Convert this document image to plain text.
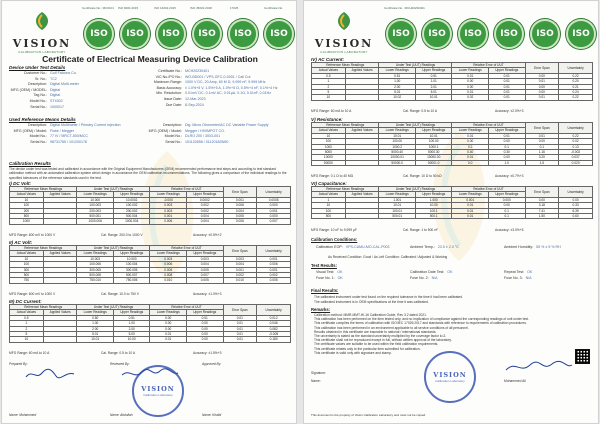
VISION
CALIBRATION LABORATORY
Certificate No.: MC0101
ISO
ISO 9001:2015
ISO
ISO 14001:2015
ISO
ISO 45001:2018
ISO
17025
ISO
Certificate No.
ISO
Certificate of Electrical Measuring Device Calibration
Device Under Test Details
Customer No.: Gulf Falcons Co.
Sr. No.: TC2
Description: Digital Multi-meter
MFG (OEM) / MODEL: Digital
Tag No.: Digital
Model No.: ST4302
Serial No.: 1000017
Certificate No.: MCH20230401
VIC No./PO No.: WO-BD001 / VPS-GFC-0-0001 / Cali Cut
Maximum Range: 1000 V DC, 20 Amp, 60 M Ω, 9,999 nF, 9.999 MHz
Basic Accuracy: ± 1.0%+5 V, 1.5%+5 A, 1.0%+5 Ω, 0.5%+4 nF, 0.1%+4 Hz
Min. Resolution: 0.01mV DC, 0.1mV AC, 0.01μA, 0.1Ω, 0.01nF, 0.01Hz
Issue Date: 12-Mar-2023
Due Date: 8-Sep-2024
Used Reference Means Details
Description: Digital Multimeter / Primary Current Injection
MFG (OEM) / Model: Fluke / Megger
Model No.: 77 IV / MRCT-500/MCC
Serial No.: 98731765 / 101200176
Description: Dig. Micro Ohmmeter/AC DC Variable Power Supply
MFG (OEM) / Model: Megger / HIVIMPOT CO.
Model No.: DLRO 200 / 3003-001
Serial No.: 101120558 / 011201825/60
Calibration Results
The device under test was tested and calibrated in accordance with the Original Equipment Manufacturers (OEM) recommended performance test steps and according to test standard calibration method with an automated calibration system which design in accordance the OEM calibration recommendations. The following gives a comparison of the individual readings to the specified tolerances of the reference standards used in the test.
I) DC Volt:
Reference Mean Readings		Under Test (UUT) Readings		Relative Error of UUT		Error Span	Uncertainty
Actual Values	Applied Values	Lower Readings	Upper Readings	Lower Readings	Upper Readings		
10		10.000	10.0002	-0.000	0.0002	0.001	0.0005
100		100.003	100.002	0.003	0.002	0.006	0.000
200		200.003	200.002	0.003	0.002	0.004	0.001
500		500.001	500.004	0.001	0.004	0.005	0.000
1000		1000.006	1000.004	0.006	0.004	0.006	0.007
MFG Range: 600 mV to 1000 V	Cal. Range: 200.0 to 1000 V	Accuracy: ±0.5%+2
II) AC Volt:
Reference Mean Readings		Under Test (UUT) Readings		Relative Error of UUT		Error Span	Uncertainty
Actual Values	Applied Values	Lower Readings	Upper Readings	Lower Readings	Upper Readings		
10		10.003	10.003	0.003	0.003	0.003	0.001
100		100.006	100.004	0.006	0.004	0.004	0.006
300		300.005	300.005	0.005	0.005	0.001	0.001
500		500.008	500.007	0.008	0.007	0.002	0.002
750		750.010	750.005	0.010	0.005	0.010	0.005
MFG Range: 600 mV to 1000 V	Cal. Range: 10.0 to 750 V	Accuracy: ±1.0%+3
III) DC Current:
Reference Mean Readings		Under Test (UUT) Readings		Relative Error of UUT		Error Span	Uncertainty
Actual Values	Applied Values	Lower Readings	Upper Readings	Lower Readings	Upper Readings		
0.5		0.50	0.51	0.00	0.01	0.01	0.012
1		1.00	1.00	0.00	0.00	0.01	0.046
2		2.00	2.00	0.00	0.00	0.01	0.082
5		5.01	5.00	0.01	0.00	0.01	-0.005
10		10.01	10.00	0.01	0.00	0.01	0.180
MFG Range: 60 mA to 10 A	Cal. Range: 0.5 to 10 A	Accuracy: ±1.5%+3
Prepared By:	Reviewed By:	Approved By:
VISION
Calibration Laboratory
Name: Mohammed	Name: Abdullah	Name: Khalid
VISION
CALIBRATION LABORATORY
Certificate No.: MCH20230401
ISO ISO ISO ISO ISO ISO
IV) AC Current:
Reference Mean Readings		Under Test (UUT) Readings		Relative Error of UUT		Error Span	Uncertainty
Actual Values	Applied Values	Lower Readings	Upper Readings	Lower Readings	Upper Readings		
0.5		0.51	0.51	0.01	0.01	0.00	0.22
1		1.00	1.01	0.00	0.01	0.01	0.20
2		2.00	2.01	0.00	0.01	0.00	0.21
5		5.01	5.01	0.01	0.01	0.00	0.24
10		10.02	10.01	0.02	0.01	0.01	0.22
MFG Range: 60 mA to 10 A	Cal. Range: 0.5 to 10 A	Accuracy: ±2.0%+3
V) Resistance:
Reference Mean Readings		Under Test (UUT) Readings		Relative Error of UUT		Error Span	Uncertainty
Actual Values	Applied Values	Lower Readings	Upper Readings	Lower Readings	Upper Readings		
10		10.01	10.01	0.01	0.01	0.01	0.22
100		100.00	100.00	0.00	0.00	0.00	0.02
1000		1000.2	1000.1	0.2	0.1	0.1	0.13
5000		5000.40	5000.30	0.40	0.30	1.16	-0.002
10000		10000.01	10000.00	0.01	0.00	3.20	0.037
50000		50000.0	50001.0	0.0	1.0	1.5	0.020
MFG Range: 0.1 Ω to 40 MΩ	Cal. Range: 10 Ω to 50 kΩ	Accuracy: ±0.7%+3
VI) Capacitance:
Reference Mean Readings		Under Test (UUT) Readings		Relative Error of UUT		Error Span	Uncertainty
Actual Values	Applied Values	Lower Readings	Upper Readings	Lower Readings	Upper Readings		
1		1.001	1.000	0.001	0.000	0.00	0.00
10		10.01	10.00	0.01	0.00	3.18	0.33
100		100.01	100.1	0.01	0.1	7.41	6.39
500		500.01	500.1	0.01	0.1	1.50	0.60
MFG Range: 10 nF to 9,999 μF	Cal. Range: 1 to 500 nF	Accuracy: ±3.0%+5
Calibration Conditions:
Calibration EOP: VPS-CAMU-MO-CAL-P003	Ambient Temp.: 23.5 ± 2.0 °C	Ambient Humidity: 55 % ± 5 % RH
As Received Condition: Good / As Left Condition: Calibrated / Adjusted & Working
Test Results:
Visual Test: OK	Calibration Date Test: OK	Repeat Test: OK
Fuse No. 1: OK	Fuse No. 2: N/A	Fuse No. 3: N/A
Final Results:
The calibrated instrument under test found on the required tolerance in the time it had been calibrated.
The calibrated instrument is in OEM specifications at the time it was calibrated.
Remarks:
Calibration method: MMR-MMT-HI-16 Calibration Guide, Rev 3.2 dated 2021.
This calibration has been performed on the item tested only, and no implication of compliance against the corresponding readings of unit under test.
This certificate complies the terms of calibration with ISO/IEC 17025:2017 and standards with reference to requirements of calibration procedures.
This calibration has been performed in an environment applicable to all service conditions of all personnel.
Results obtained in this certificate are traceable to national / international standards.
The uncertainty is stated as the standard uncertainty multiplied by the coverage factor k=2.
This certificate shall not be reproduced except in full, without written approval of the laboratory.
The certificate values are suitable to be used within the field calibration requirements.
This certificate relates only to the particular item submitted for calibration.
This certificate is valid only with signature and stamp.
Signature:
Name:	Mohammed Ali
VISION
Calibration Laboratory
This document is the property of Vision Calibration Laboratory and must not be copied.
